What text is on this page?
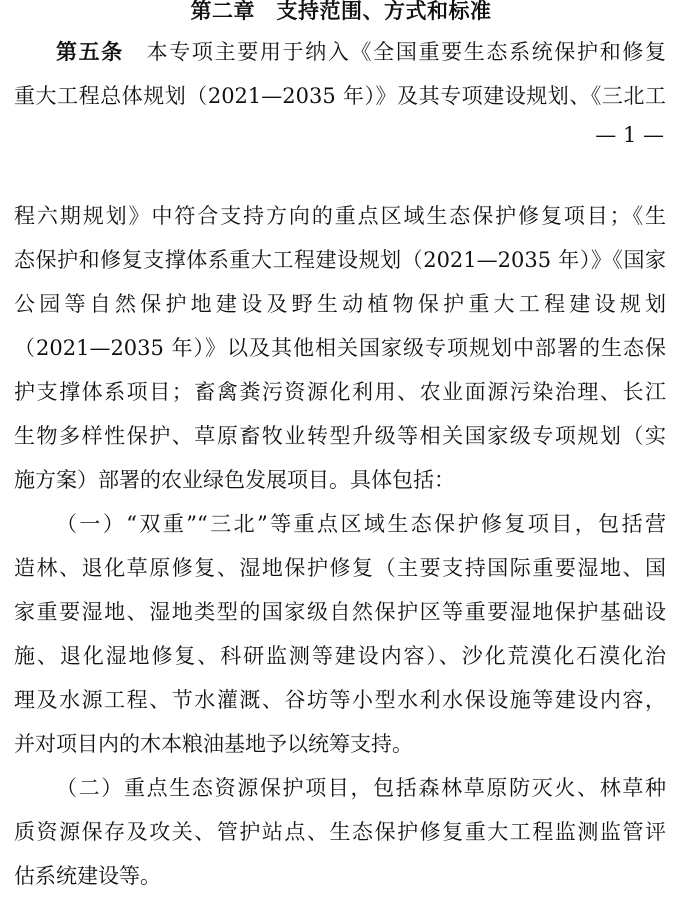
第二章　支持范围、方式和标准
第五条　 本专项主要用于纳入《全国重要生态系统保护和修复
重大工程总体规划（2021—2035 年）》及其专项建设规划、《三北工
— 1 —
程六期规划》中符合支持方向的重点区域生态保护修复项目；《生
态保护和修复支撑体系重大工程建设规划（2021—2035 年）》《国家
公园等自然保护地建设及野生动植物保护重大工程建设规划
（2021—2035 年）》以及其他相关国家级专项规划中部署的生态保
护支撑体系项目；畜禽粪污资源化利用、农业面源污染治理、长江
生物多样性保护、草原畜牧业转型升级等相关国家级专项规划（实
施方案）部署的农业绿色发展项目。具体包括：
（一）“双重”“三北”等重点区域生态保护修复项目，包括营
造林、退化草原修复、湿地保护修复（主要支持国际重要湿地、国
家重要湿地、湿地类型的国家级自然保护区等重要湿地保护基础设
施、退化湿地修复、科研监测等建设内容）、沙化荒漠化石漠化治
理及水源工程、节水灌溉、谷坊等小型水利水保设施等建设内容，
并对项目内的木本粮油基地予以统筹支持。
（二）重点生态资源保护项目，包括森林草原防灭火、林草种
质资源保存及攻关、管护站点、生态保护修复重大工程监测监管评
估系统建设等。
